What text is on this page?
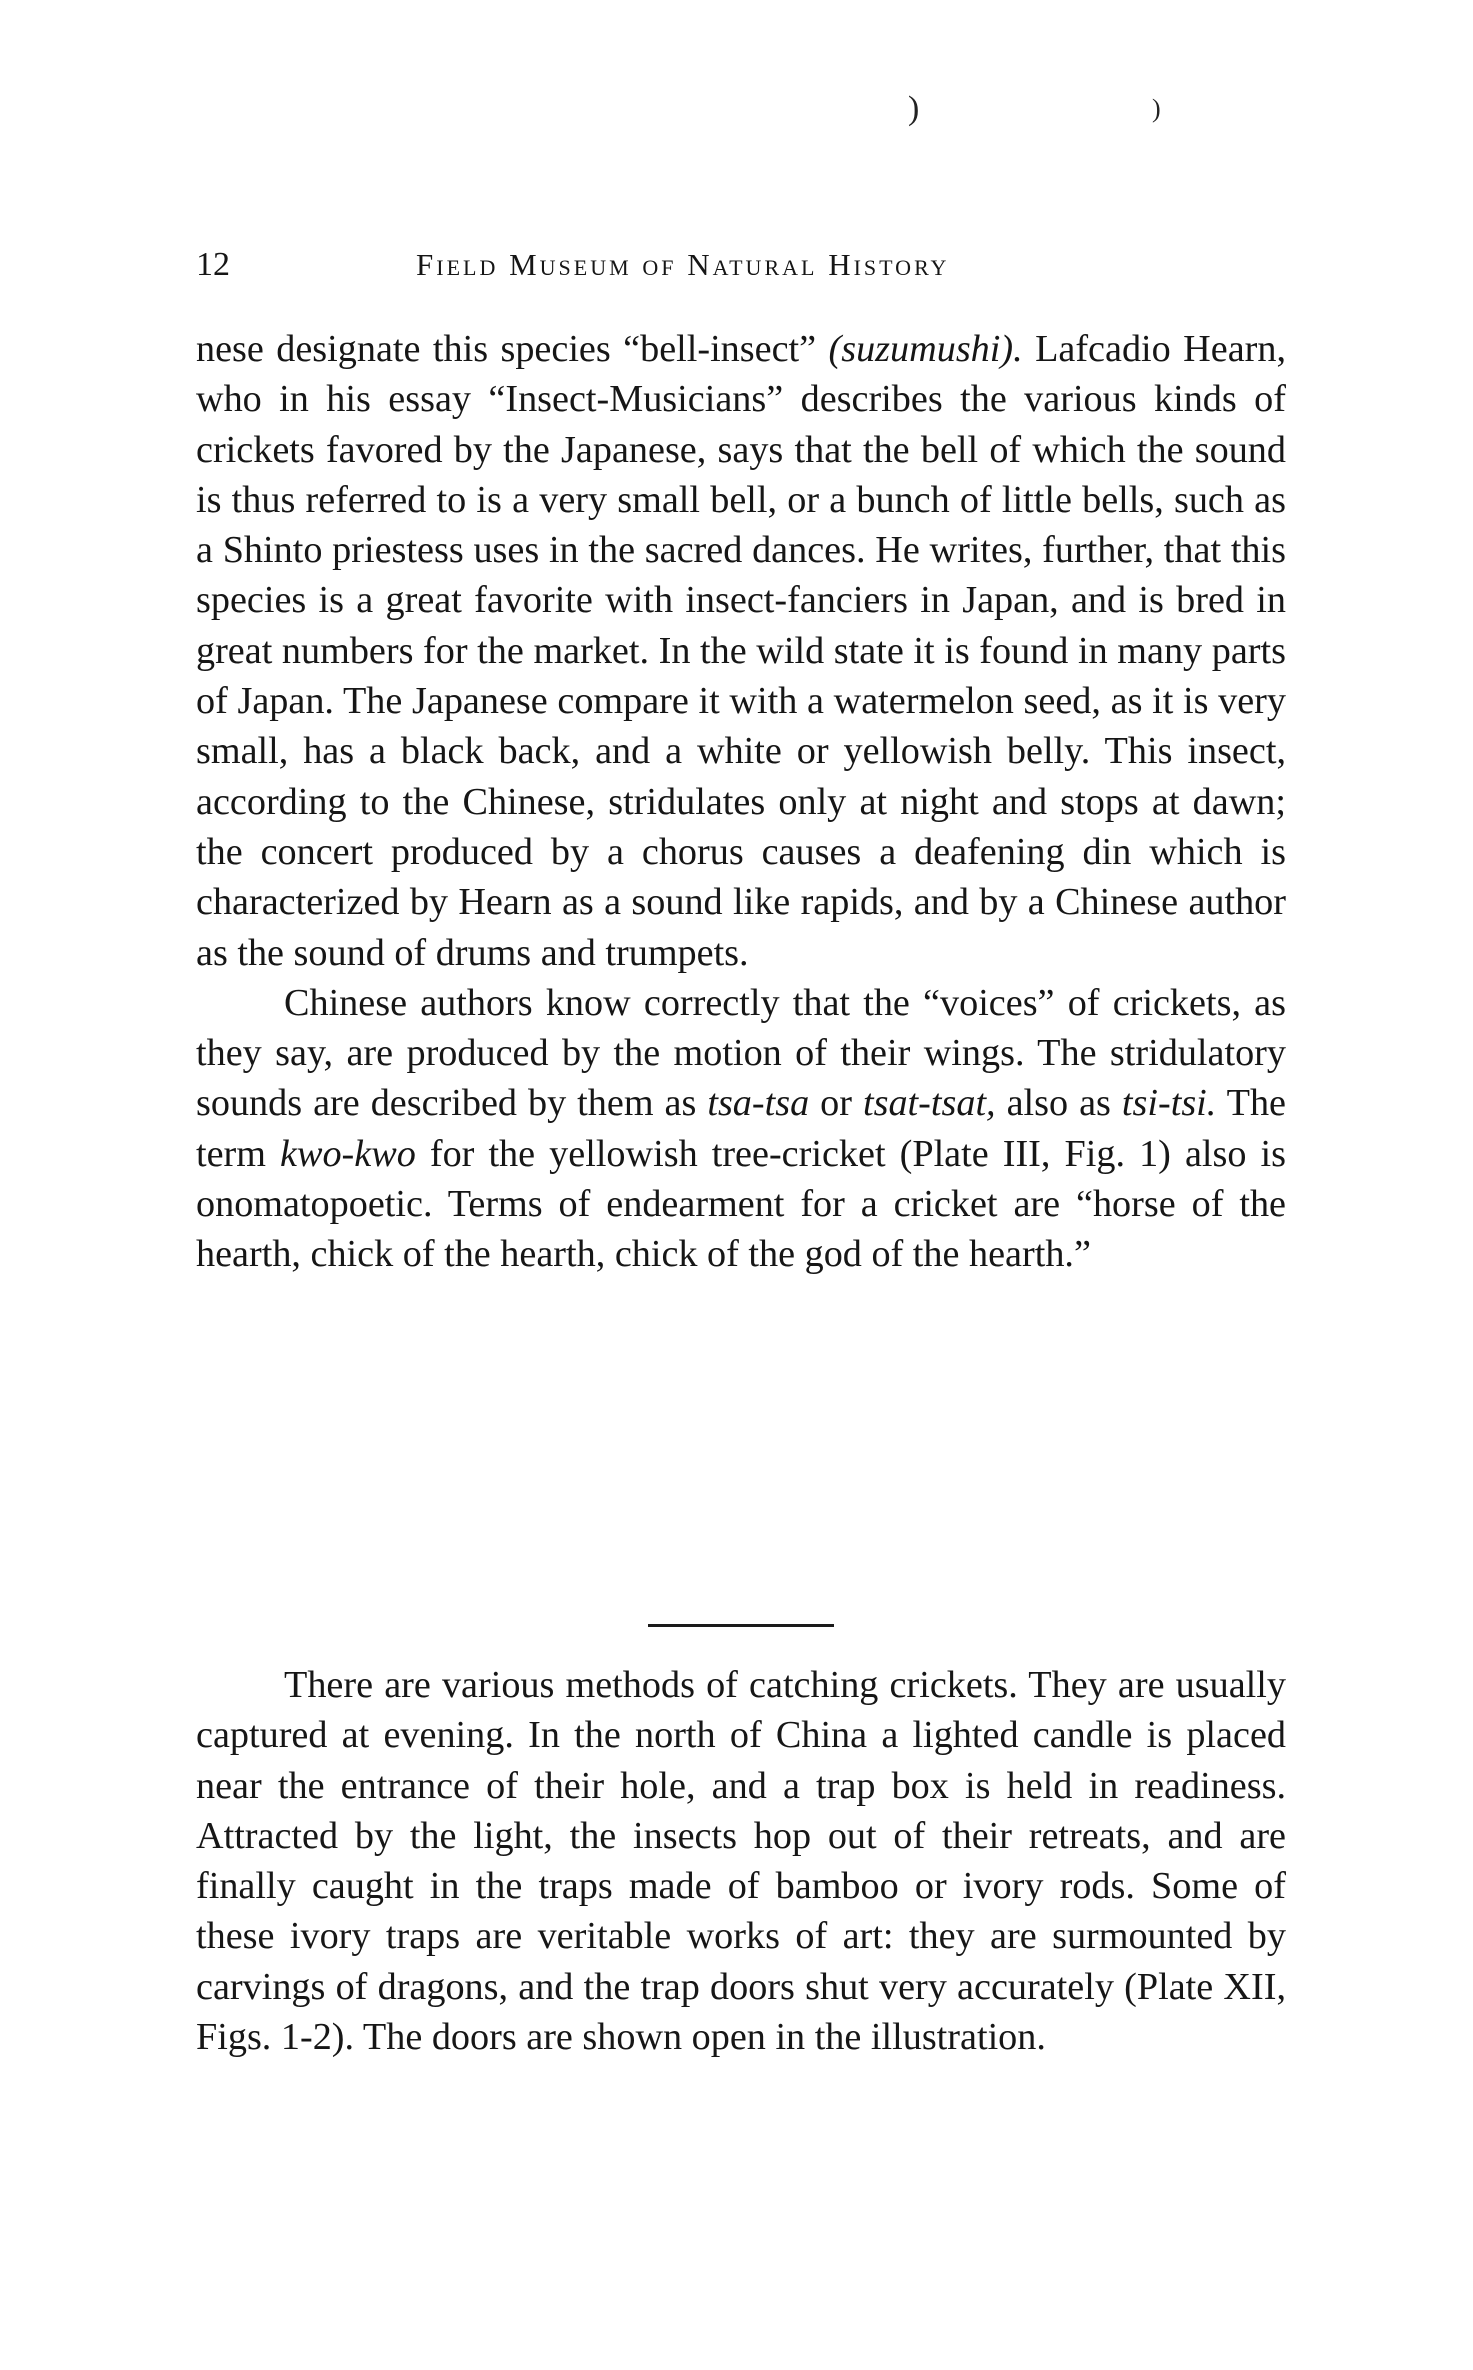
)	)
12	Field Museum of Natural History

nese designate this species “bell-insect” (suzumushi). Lafcadio Hearn, who in his essay “Insect-Musicians” describes the various kinds of crickets favored by the Japanese, says that the bell of which the sound is thus referred to is a very small bell, or a bunch of little bells, such as a Shinto priestess uses in the sacred dances. He writes, further, that this species is a great favorite with insect-fanciers in Japan, and is bred in great numbers for the market. In the wild state it is found in many parts of Japan. The Japanese compare it with a watermelon seed, as it is very small, has a black back, and a white or yellowish belly. This insect, according to the Chinese, stridulates only at night and stops at dawn; the concert produced by a chorus causes a deafening din which is characterized by Hearn as a sound like rapids, and by a Chinese author as the sound of drums and trumpets.

Chinese authors know correctly that the “voices” of crickets, as they say, are produced by the motion of their wings. The stridulatory sounds are described by them as tsa-tsa or tsat-tsat, also as tsi-tsi. The term kwo-kwo for the yellowish tree-cricket (Plate III, Fig. 1) also is onomatopoetic. Terms of endearment for a cricket are “horse of the hearth, chick of the hearth, chick of the god of the hearth.”

There are various methods of catching crickets. They are usually captured at evening. In the north of China a lighted candle is placed near the entrance of their hole, and a trap box is held in readiness. Attracted by the light, the insects hop out of their retreats, and are finally caught in the traps made of bamboo or ivory rods. Some of these ivory traps are veritable works of art: they are surmounted by carvings of dragons, and the trap doors shut very accurately (Plate XII, Figs. 1-2). The doors are shown open in the illustration.
